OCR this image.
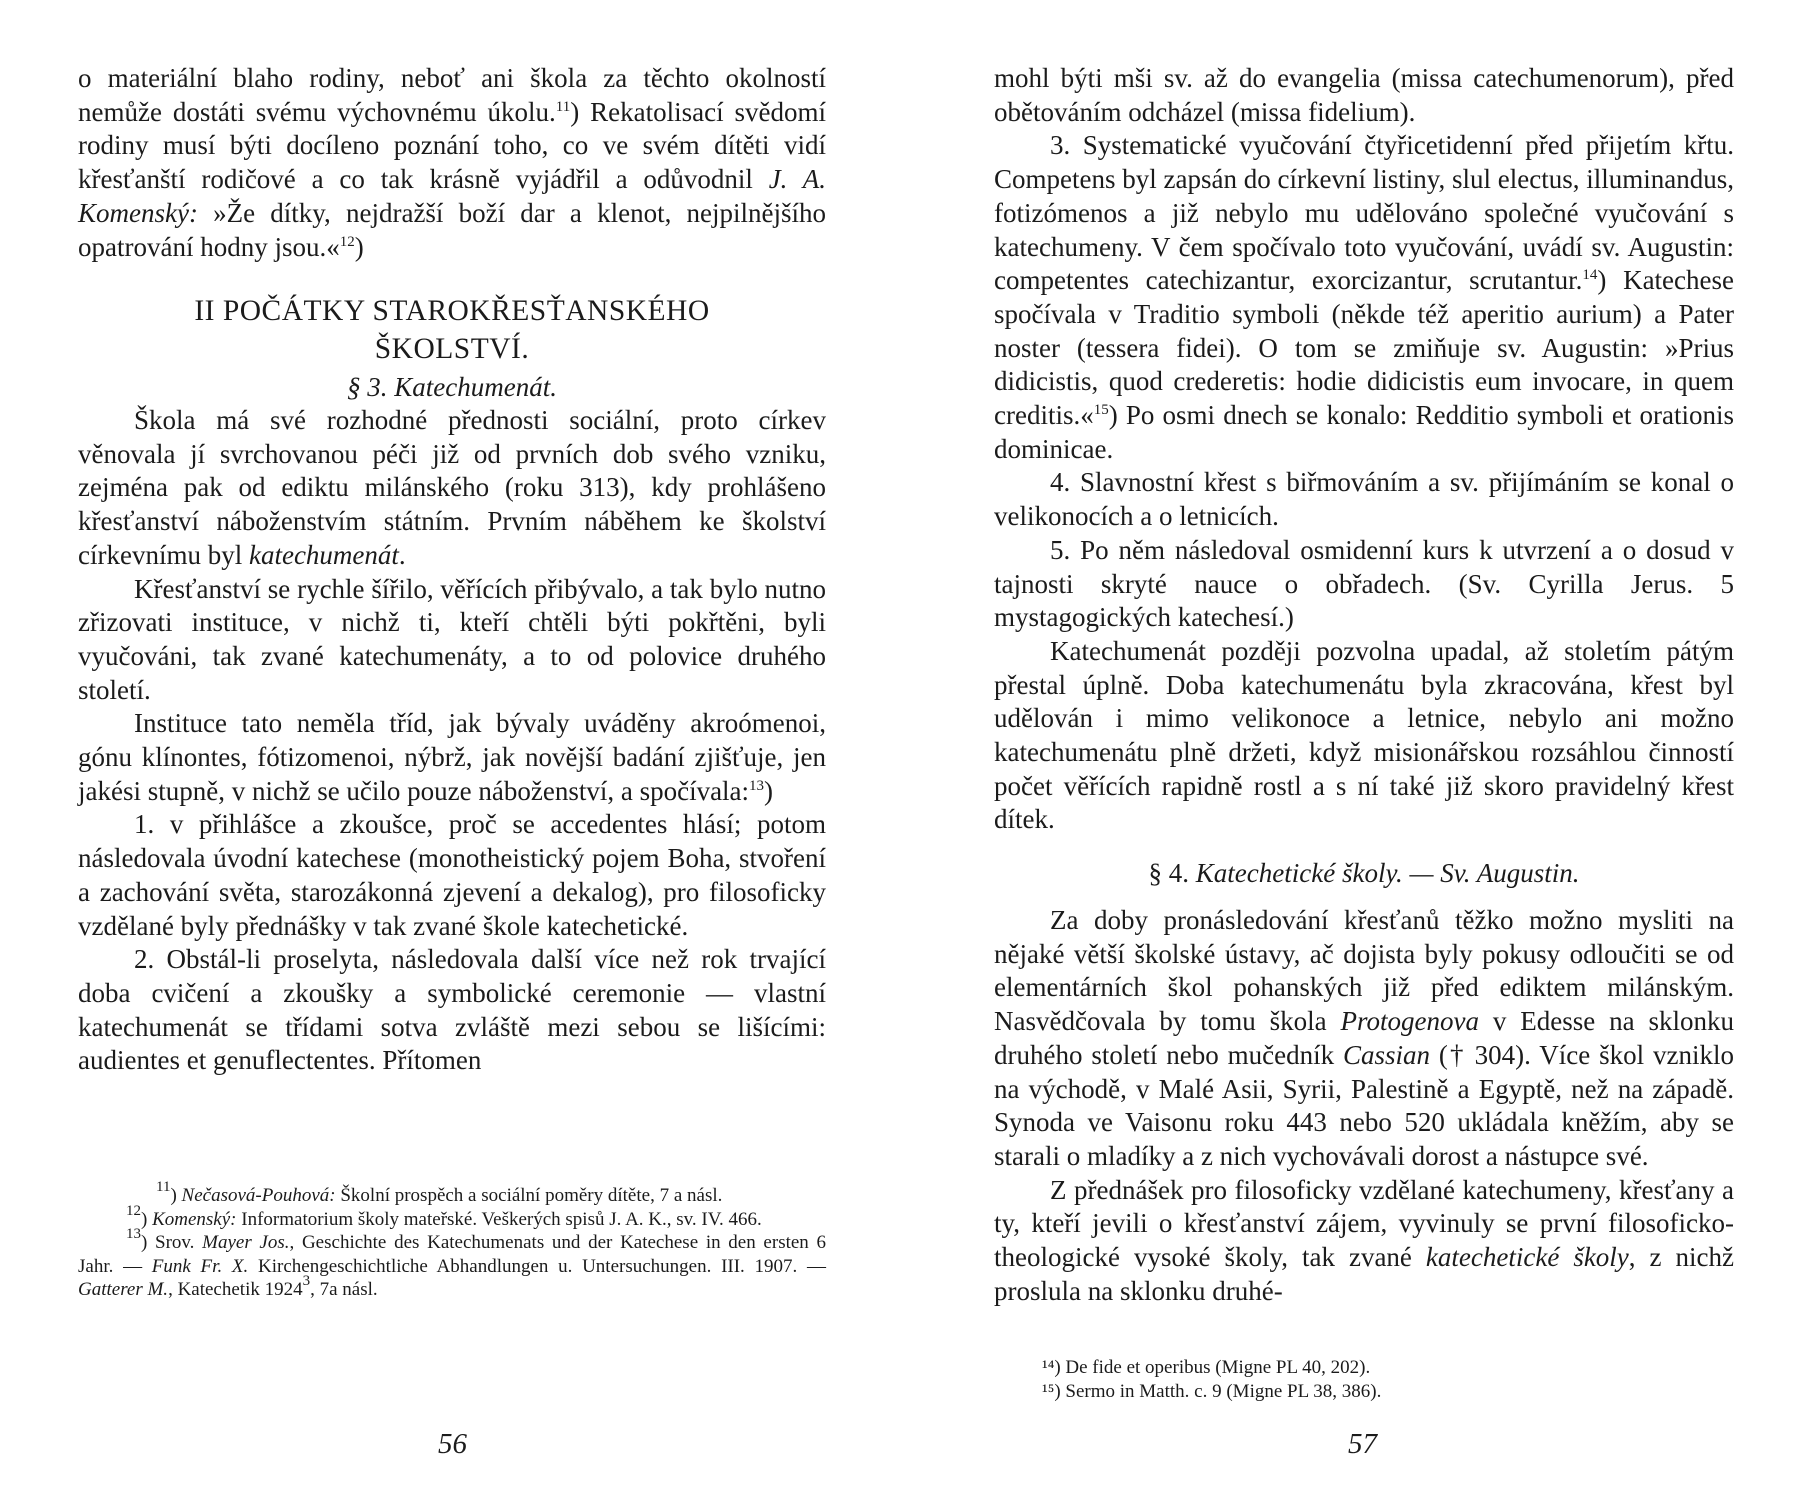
o materiální blaho rodiny, neboť ani škola za těchto okolností nemůže dostáti svému výchovnému úkolu.$^{11}$) Rekatolisací svědomí rodiny musí býti docíleno poznání toho, co ve svém dítěti vidí křesťanští rodičové a co tak krásně vyjádřil a odůvodnil J. A. Komenský: »Že dítky, nejdražší boží dar a klenot, nejpilnějšího opatrování hodny jsou.«$^{12}$)

II POČÁTKY STAROKŘESŤANSKÉHO

ŠKOLSTVÍ.

§ 3. Katechumenát.

Škola má své rozhodné přednosti sociální, proto církev věnovala jí svrchovanou péči již od prvních dob svého vzniku, zejména pak od ediktu milánského (roku 313), kdy prohlášeno křesťanství náboženstvím státním. Prvním náběhem ke školství církevnímu byl katechumenát.

Křesťanství se rychle šířilo, věřících přibývalo, a tak bylo nutno zřizovati instituce, v nichž ti, kteří chtěli býti pokřtěni, byli vyučováni, tak zvané katechumenáty, a to od polovice druhého století.

Instituce tato neměla tříd, jak bývaly uváděny akroómenoi, gónu klínontes, fótizomenoi, nýbrž, jak novější badání zjišťuje, jen jakési stupně, v nichž se učilo pouze náboženství, a spočívala:$^{13}$)

1. v přihlášce a zkoušce, proč se accedentes hlásí; potom následovala úvodní katechese (monotheistický pojem Boha, stvoření a zachování světa, starozákonná zjevení a dekalog), pro filosoficky vzdělané byly přednášky v tak zvané škole katechetické.

2. Obstál-li proselyta, následovala další více než rok trvající doba cvičení a zkoušky a symbolické ceremonie — vlastní katechumenát se třídami sotva zvláště mezi sebou se lišícími: audientes et genuflectentes. Přítomen

$^{11}$) Nečasová-Pouhová: Školní prospěch a sociální poměry dítěte, 7 a násl.

$^{12}$) Komenský: Informatorium školy mateřské. Veškerých spisů J. A. K., sv. IV. 466.

$^{13}$) Srov. Mayer Jos., Geschichte des Katechumenats und der Katechese in den ersten 6 Jahr. — Funk Fr. X. Kirchengeschichtliche Abhandlungen u. Untersuchungen. III. 1907. — Gatterer M., Katechetik 1924$^3$, 7a násl.

56

mohl býti mši sv. až do evangelia (missa catechumenorum), před obětováním odcházel (missa fidelium).

3. Systematické vyučování čtyřicetidenní před přijetím křtu. Competens byl zapsán do církevní listiny, slul electus, illuminandus, fotizómenos a již nebylo mu udělováno společné vyučování s katechumeny. V čem spočívalo toto vyučování, uvádí sv. Augustin: competentes catechizantur, exorcizantur, scrutantur.$^{14}$) Katechese spočívala v Traditio symboli (někde též aperitio aurium) a Pater noster (tessera fidei). O tom se zmiňuje sv. Augustin: »Prius didicistis, quod crederetis: hodie didicistis eum invocare, in quem creditis.«$^{15}$) Po osmi dnech se konalo: Redditio symboli et orationis dominicae.

4. Slavnostní křest s biřmováním a sv. přijímáním se konal o velikonocích a o letnicích.

5. Po něm následoval osmidenní kurs k utvrzení a o dosud v tajnosti skryté nauce o obřadech. (Sv. Cyrilla Jerus. 5 mystagogických katechesí.)

Katechumenát později pozvolna upadal, až stoletím pátým přestal úplně. Doba katechumenátu byla zkracována, křest byl udělován i mimo velikonoce a letnice, nebylo ani možno katechumenátu plně držeti, když misionářskou rozsáhlou činností počet věřících rapidně rostl a s ní také již skoro pravidelný křest dítek.

§ 4. Katechetické školy. — Sv. Augustin.

Za doby pronásledování křesťanů těžko možno mysliti na nějaké větší školské ústavy, ač dojista byly pokusy odloučiti se od elementárních škol pohanských již před ediktem milánským. Nasvědčovala by tomu škola Protogenova v Edesse na sklonku druhého století nebo mučedník Cassian († 304). Více škol vzniklo na východě, v Malé Asii, Syrii, Palestině a Egyptě, než na západě. Synoda ve Vaisonu roku 443 nebo 520 ukládala kněžím, aby se starali o mladíky a z nich vychovávali dorost a nástupce své.

Z přednášek pro filosoficky vzdělané katechumeny, křesťany a ty, kteří jevili o křesťanství zájem, vyvinuly se první filosoficko-theologické vysoké školy, tak zvané katechetické školy, z nichž proslula na sklonku druhé-

¹⁴) De fide et operibus (Migne PL 40, 202).

¹⁵) Sermo in Matth. c. 9 (Migne PL 38, 386).

57
